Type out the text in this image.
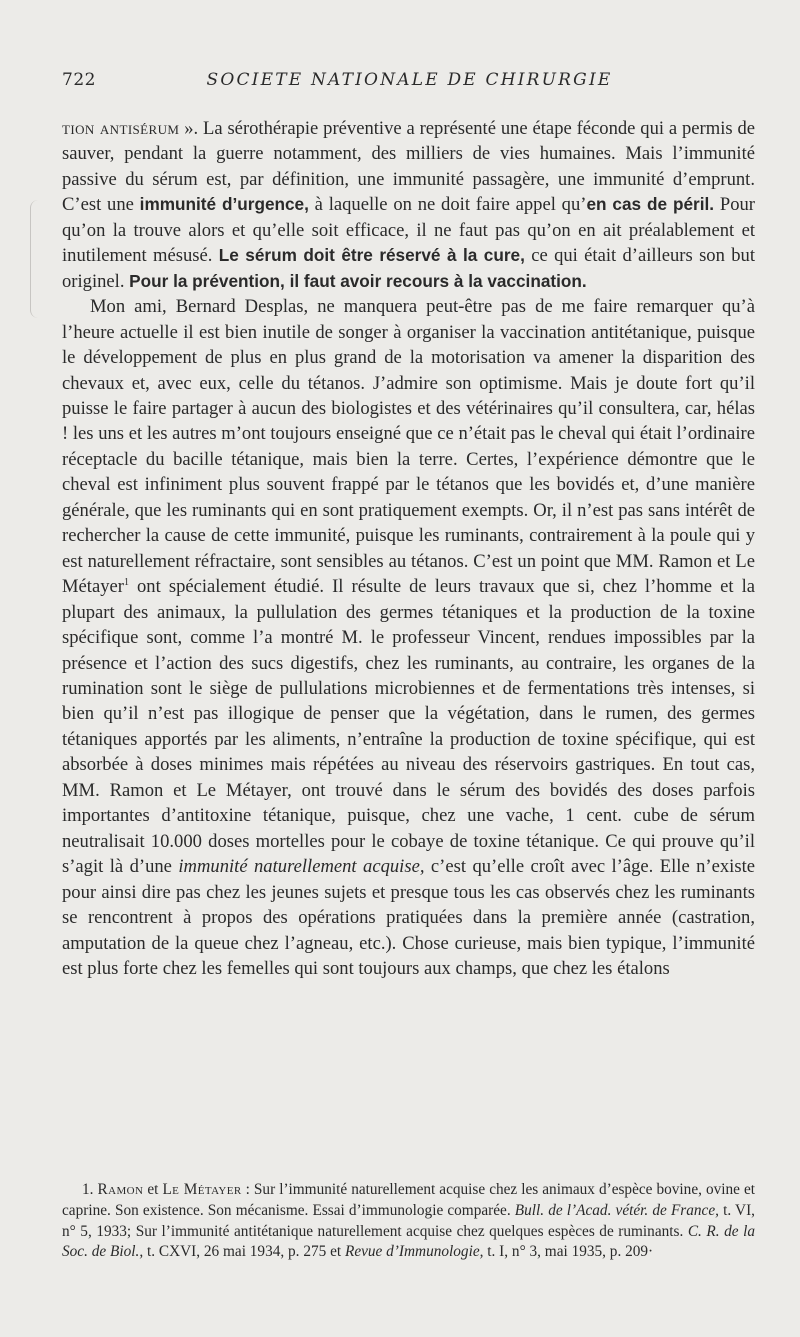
722	SOCIETE NATIONALE DE CHIRURGIE

tion antisérum ». La sérothérapie préventive a représenté une étape féconde qui a permis de sauver, pendant la guerre notamment, des milliers de vies humaines. Mais l’immunité passive du sérum est, par définition, une immunité passagère, une immunité d’emprunt. C’est une immunité d’urgence, à laquelle on ne doit faire appel qu’en cas de péril. Pour qu’on la trouve alors et qu’elle soit efficace, il ne faut pas qu’on en ait préalablement et inutilement mésusé. Le sérum doit être réservé à la cure, ce qui était d’ailleurs son but originel. Pour la prévention, il faut avoir recours à la vaccination.

Mon ami, Bernard Desplas, ne manquera peut-être pas de me faire remarquer qu’à l’heure actuelle il est bien inutile de songer à organiser la vaccination antitétanique, puisque le développement de plus en plus grand de la motorisation va amener la disparition des chevaux et, avec eux, celle du tétanos. J’admire son optimisme. Mais je doute fort qu’il puisse le faire partager à aucun des biologistes et des vétérinaires qu’il consultera, car, hélas ! les uns et les autres m’ont toujours enseigné que ce n’était pas le cheval qui était l’ordinaire réceptacle du bacille tétanique, mais bien la terre. Certes, l’expérience démontre que le cheval est infiniment plus souvent frappé par le tétanos que les bovidés et, d’une manière générale, que les ruminants qui en sont pratiquement exempts. Or, il n’est pas sans intérêt de rechercher la cause de cette immunité, puisque les ruminants, contrairement à la poule qui y est naturellement réfractaire, sont sensibles au tétanos. C’est un point que MM. Ramon et Le Métayer$^1$ ont spécialement étudié. Il résulte de leurs travaux que si, chez l’homme et la plupart des animaux, la pullulation des germes tétaniques et la production de la toxine spécifique sont, comme l’a montré M. le professeur Vincent, rendues impossibles par la présence et l’action des sucs digestifs, chez les ruminants, au contraire, les organes de la rumination sont le siège de pullulations microbiennes et de fermentations très intenses, si bien qu’il n’est pas illogique de penser que la végétation, dans le rumen, des germes tétaniques apportés par les aliments, n’entraîne la production de toxine spécifique, qui est absorbée à doses minimes mais répétées au niveau des réservoirs gastriques. En tout cas, MM. Ramon et Le Métayer, ont trouvé dans le sérum des bovidés des doses parfois importantes d’antitoxine tétanique, puisque, chez une vache, 1 cent. cube de sérum neutralisait 10.000 doses mortelles pour le cobaye de toxine tétanique. Ce qui prouve qu’il s’agit là d’une immunité naturellement acquise, c’est qu’elle croît avec l’âge. Elle n’existe pour ainsi dire pas chez les jeunes sujets et presque tous les cas observés chez les ruminants se rencontrent à propos des opérations pratiquées dans la première année (castration, amputation de la queue chez l’agneau, etc.). Chose curieuse, mais bien typique, l’immunité est plus forte chez les femelles qui sont toujours aux champs, que chez les étalons

1. Ramon et Le Métayer : Sur l’immunité naturellement acquise chez les animaux d’espèce bovine, ovine et caprine. Son existence. Son mécanisme. Essai d’immunologie comparée. Bull. de l’Acad. vétér. de France, t. VI, n° 5, 1933; Sur l’immunité antitétanique naturellement acquise chez quelques espèces de ruminants. C. R. de la Soc. de Biol., t. CXVI, 26 mai 1934, p. 275 et Revue d’Immunologie, t. I, n° 3, mai 1935, p. 209·
